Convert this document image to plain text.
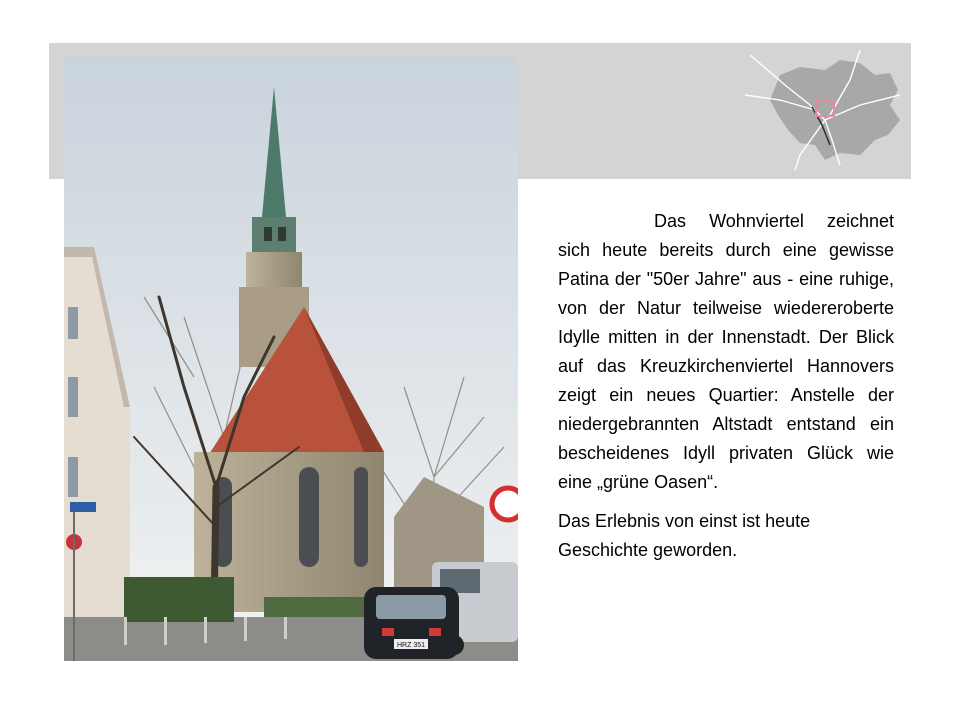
HRZ 351

Das Wohnviertel zeichnet sich heute bereits durch eine gewisse Patina der "50er Jahre" aus - eine ruhige, von der Natur teilweise wiedereroberte Idylle mitten in der Innenstadt. Der Blick auf das Kreuzkirchenviertel Hannovers zeigt ein neues Quartier: Anstelle der niedergebrannten Altstadt entstand ein bescheidenes Idyll privaten Glück wie eine „grüne Oasen“.

Das Erlebnis von einst ist heute Geschichte geworden.
